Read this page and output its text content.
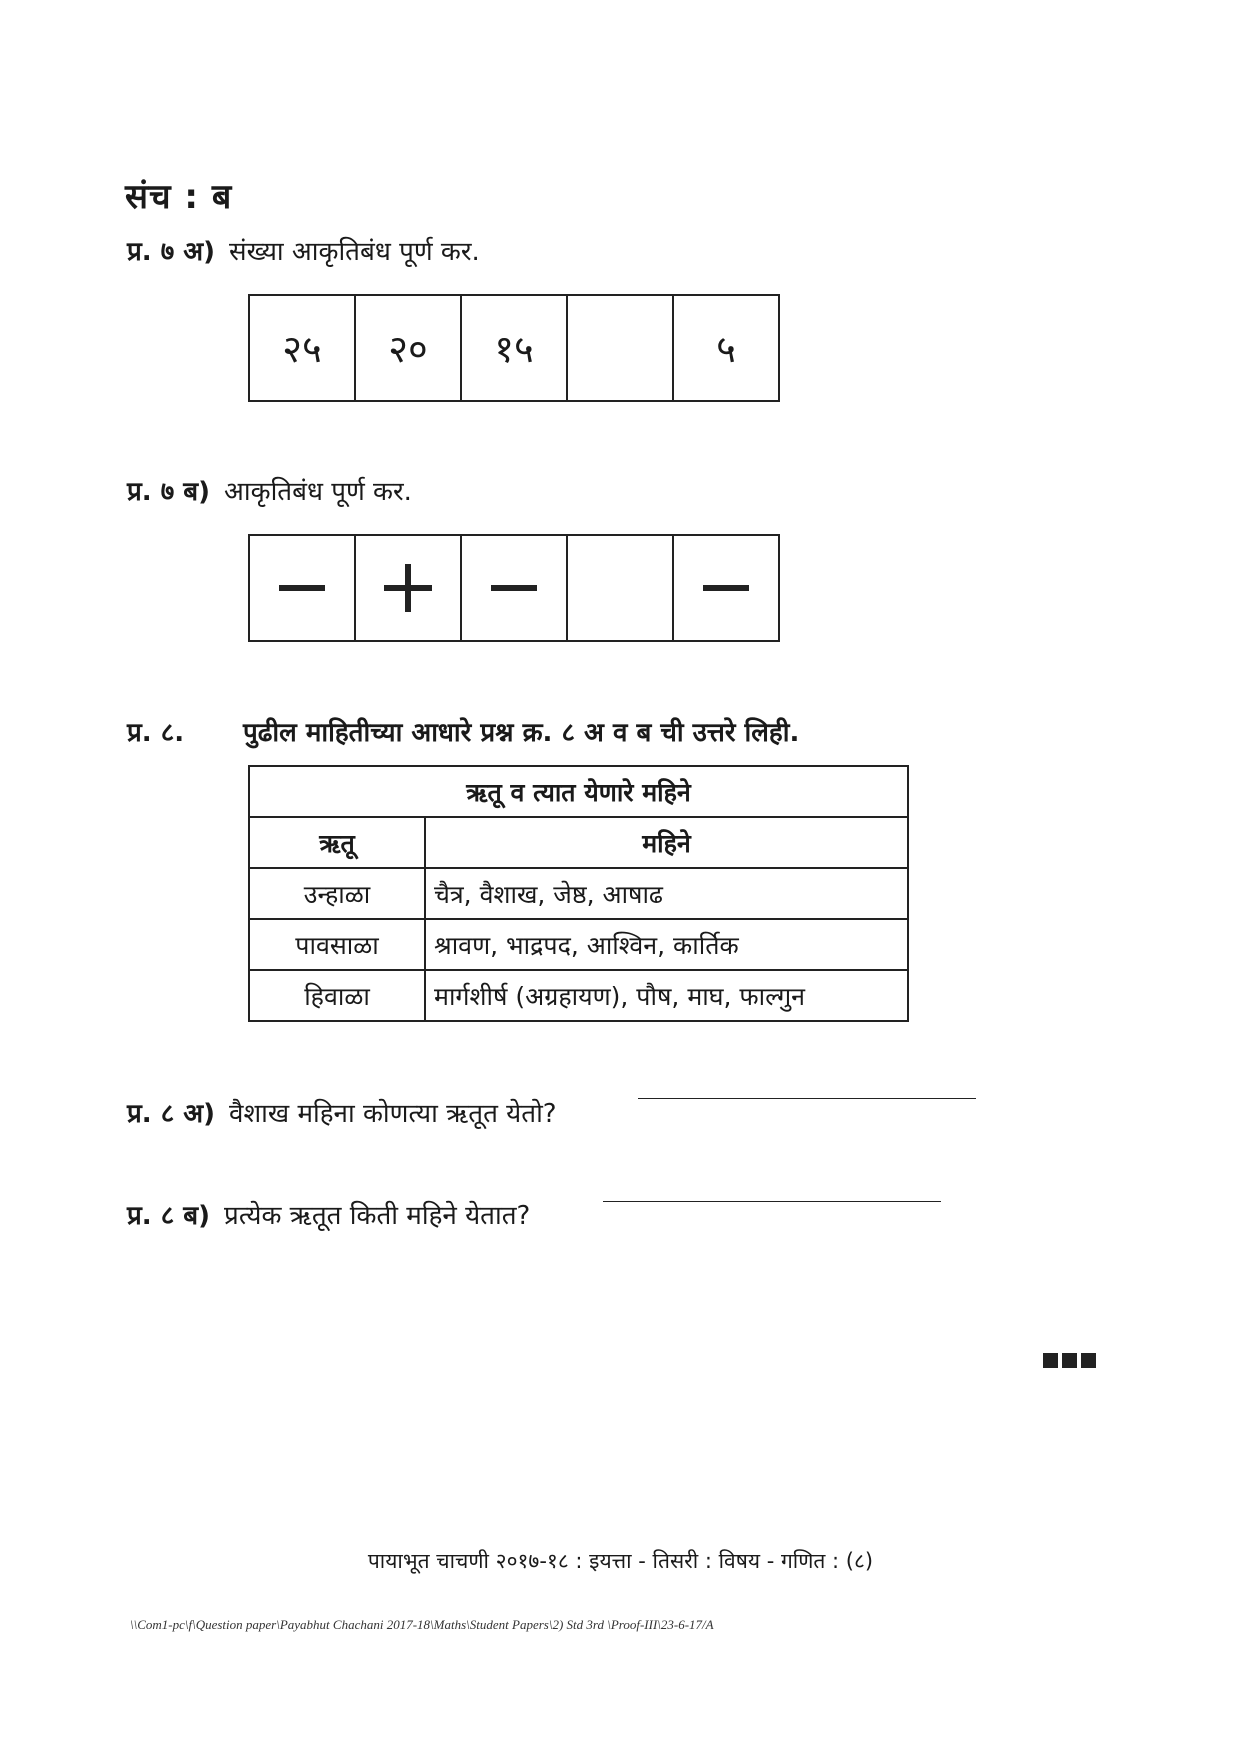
संच : ब
प्र. ७ अ) संख्या आकृतिबंध पूर्ण कर.
२५	२०	१५	५
प्र. ७ ब) आकृतिबंध पूर्ण कर.
प्र. ८.	पुढील माहितीच्या आधारे प्रश्न क्र. ८ अ व ब ची उत्तरे लिही.
ऋतू व त्यात येणारे महिने	
ऋतू	महिने
उन्हाळा	चैत्र, वैशाख, जेष्ठ, आषाढ
पावसाळा	श्रावण, भाद्रपद, आश्विन, कार्तिक
हिवाळा	मार्गशीर्ष (अग्रहायण), पौष, माघ, फाल्गुन
प्र. ८ अ) वैशाख महिना कोणत्या ऋतूत येतो?
प्र. ८ ब) प्रत्येक ऋतूत किती महिने येतात?
पायाभूत चाचणी २०१७-१८ : इयत्ता - तिसरी : विषय - गणित : (८)
\\Com1-pc\f\Question paper\Payabhut Chachani 2017-18\Maths\Student Papers\2) Std 3rd \Proof-III\23-6-17/A
